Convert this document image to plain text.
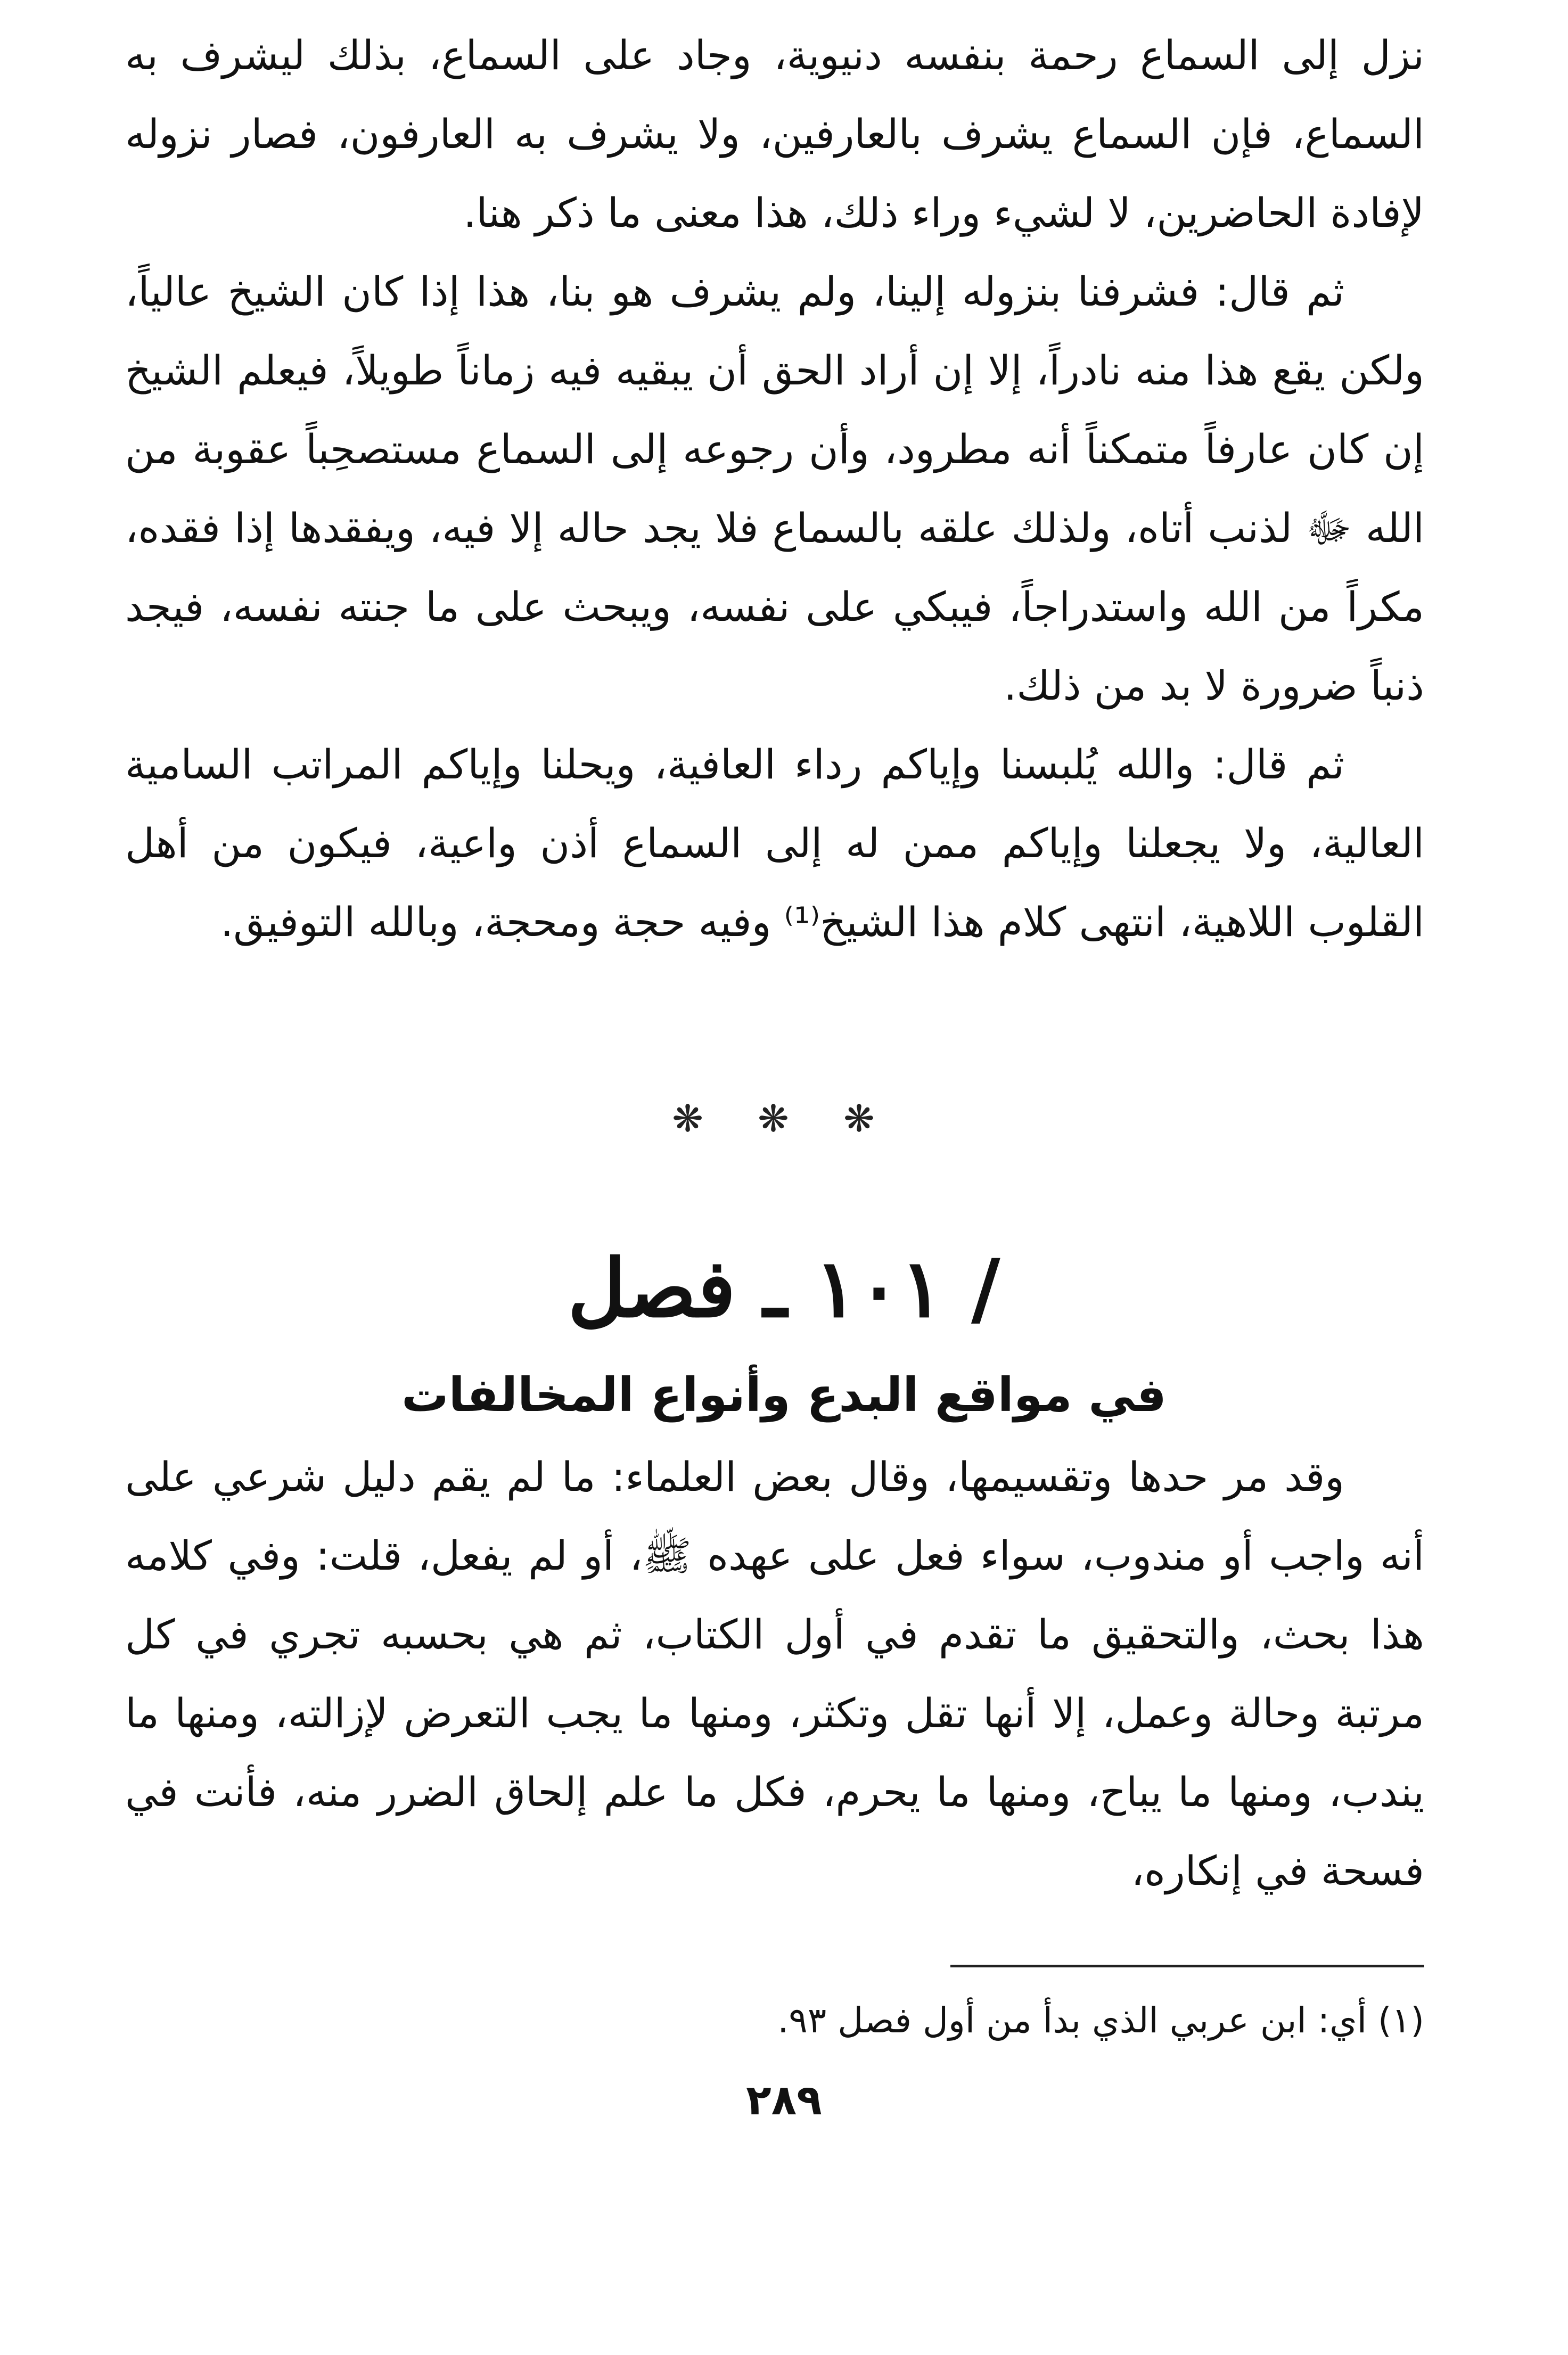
نزل إلى السماع رحمة بنفسه دنيوية، وجاد على السماع، بذلك ليشرف به السماع، فإن السماع يشرف بالعارفين، ولا يشرف به العارفون، فصار نزوله لإفادة الحاضرين، لا لشيء وراء ذلك، هذا معنى ما ذكر هنا.

ثم قال: فشرفنا بنزوله إلينا، ولم يشرف هو بنا، هذا إذا كان الشيخ عالياً، ولكن يقع هذا منه نادراً، إلا إن أراد الحق أن يبقيه فيه زماناً طويلاً، فيعلم الشيخ إن كان عارفاً متمكناً أنه مطرود، وأن رجوعه إلى السماع مستصحِباً عقوبة من الله ﷻ لذنب أتاه، ولذلك علقه بالسماع فلا يجد حاله إلا فيه، ويفقدها إذا فقده، مكراً من الله واستدراجاً، فيبكي على نفسه، ويبحث على ما جنته نفسه، فيجد ذنباً ضرورة لا بد من ذلك.

ثم قال: والله يُلبسنا وإياكم رداء العافية، ويحلنا وإياكم المراتب السامية العالية، ولا يجعلنا وإياكم ممن له إلى السماع أذن واعية، فيكون من أهل القلوب اللاهية، انتهى كلام هذا الشيخ⁽¹⁾ وفيه حجة ومحجة، وبالله التوفيق.

❋ ❋ ❋
/ ١٠١ ـ فصل
في مواقع البدع وأنواع المخالفات

وقد مر حدها وتقسيمها، وقال بعض العلماء: ما لم يقم دليل شرعي على أنه واجب أو مندوب، سواء فعل على عهده ﷺ، أو لم يفعل، قلت: وفي كلامه هذا بحث، والتحقيق ما تقدم في أول الكتاب، ثم هي بحسبه تجري في كل مرتبة وحالة وعمل، إلا أنها تقل وتكثر، ومنها ما يجب التعرض لإزالته، ومنها ما يندب، ومنها ما يباح، ومنها ما يحرم، فكل ما علم إلحاق الضرر منه، فأنت في فسحة في إنكاره،

(١) أي: ابن عربي الذي بدأ من أول فصل ٩٣.
٢٨٩
